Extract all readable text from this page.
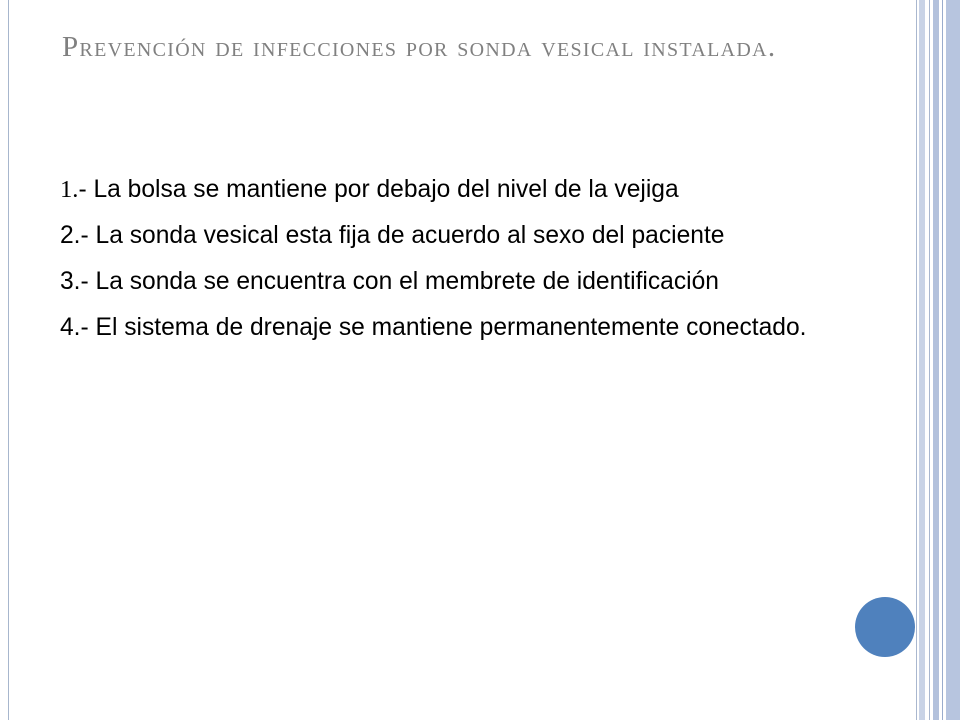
Prevención de infecciones por sonda vesical instalada.
1.- La bolsa se mantiene por debajo del nivel de la vejiga
2.- La sonda vesical esta fija de acuerdo al sexo del paciente
3.- La sonda se encuentra con el membrete de identificación
4.- El sistema de drenaje se mantiene permanentemente conectado.
